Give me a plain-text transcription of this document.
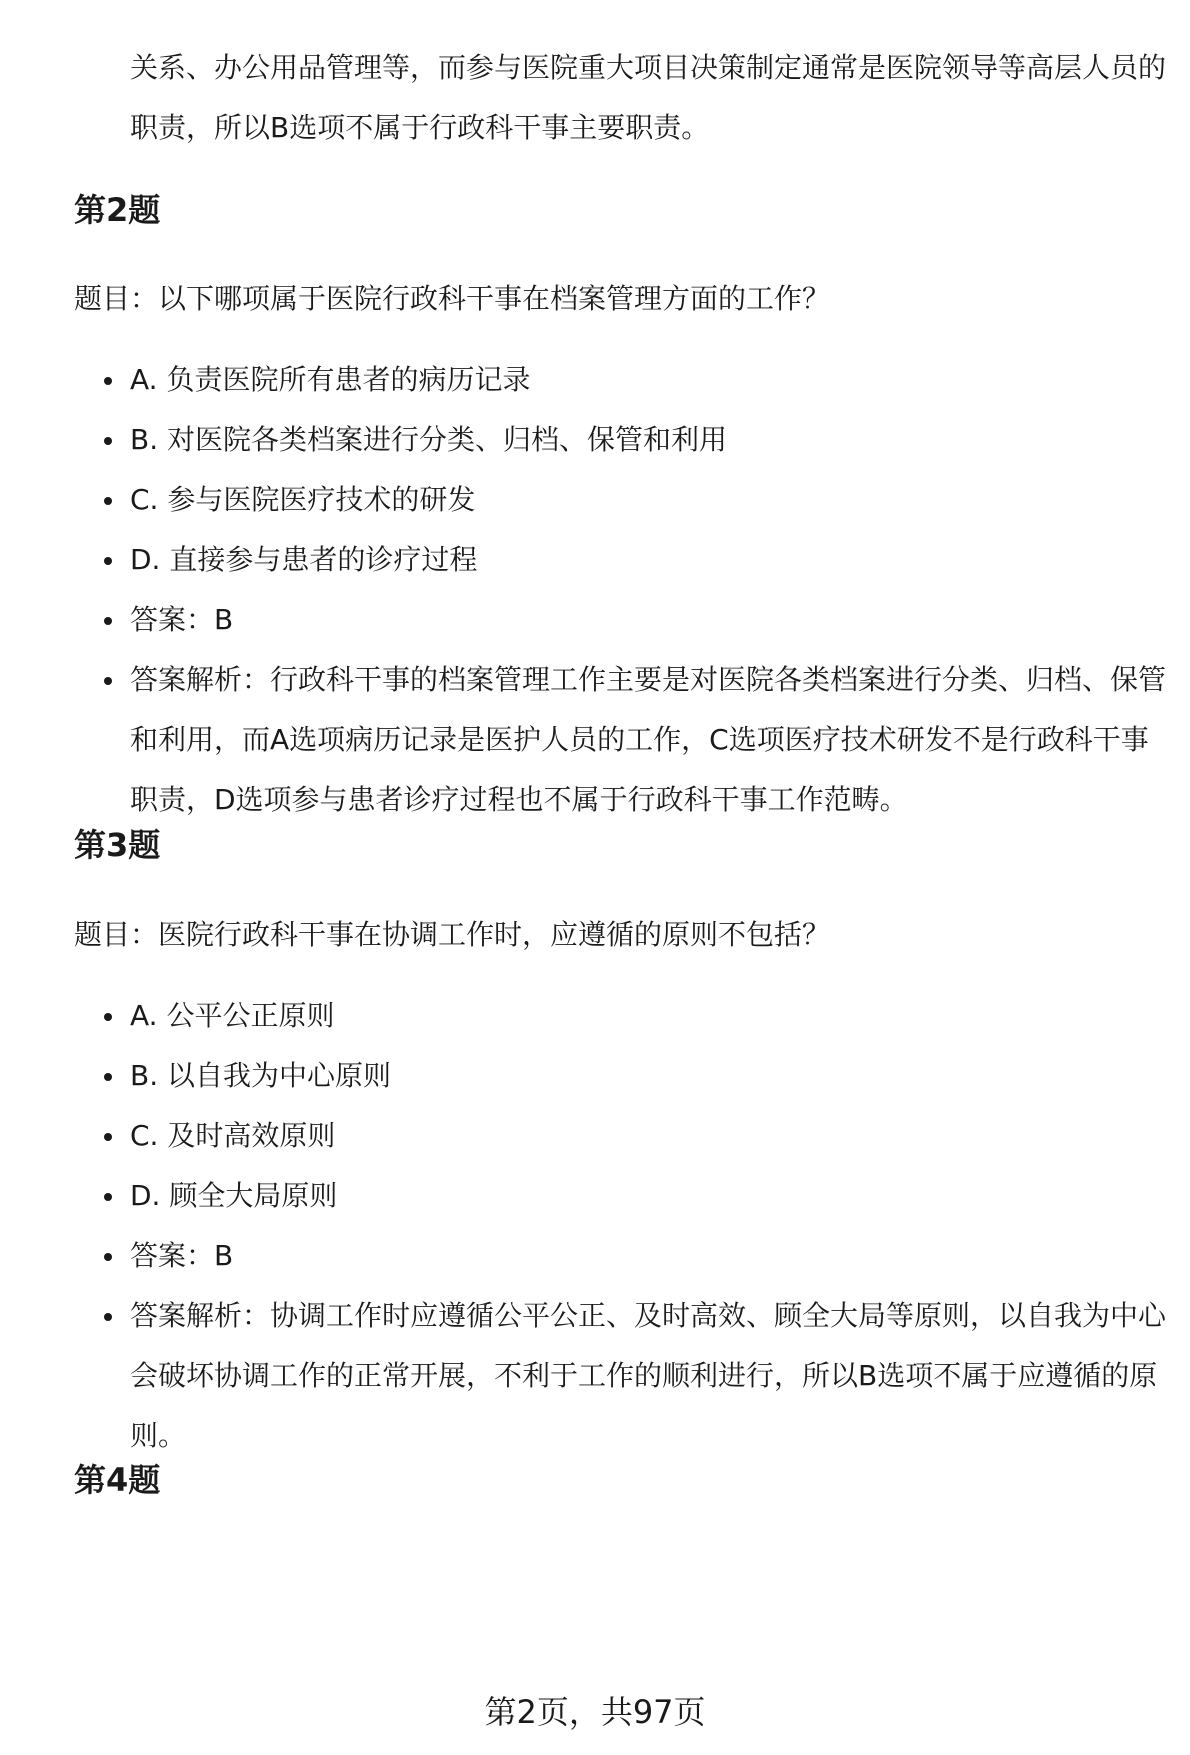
关系、办公用品管理等，而参与医院重大项目决策制定通常是医院领导等高层人员的职责，所以B选项不属于行政科干事主要职责。

第2题

题目：以下哪项属于医院行政科干事在档案管理方面的工作？

A. 负责医院所有患者的病历记录
B. 对医院各类档案进行分类、归档、保管和利用
C. 参与医院医疗技术的研发
D. 直接参与患者的诊疗过程
答案：B
答案解析：行政科干事的档案管理工作主要是对医院各类档案进行分类、归档、保管和利用，而A选项病历记录是医护人员的工作，C选项医疗技术研发不是行政科干事职责，D选项参与患者诊疗过程也不属于行政科干事工作范畴。
第3题

题目：医院行政科干事在协调工作时，应遵循的原则不包括？

A. 公平公正原则
B. 以自我为中心原则
C. 及时高效原则
D. 顾全大局原则
答案：B
答案解析：协调工作时应遵循公平公正、及时高效、顾全大局等原则，以自我为中心会破坏协调工作的正常开展，不利于工作的顺利进行，所以B选项不属于应遵循的原则。
第4题
第2页，共97页
